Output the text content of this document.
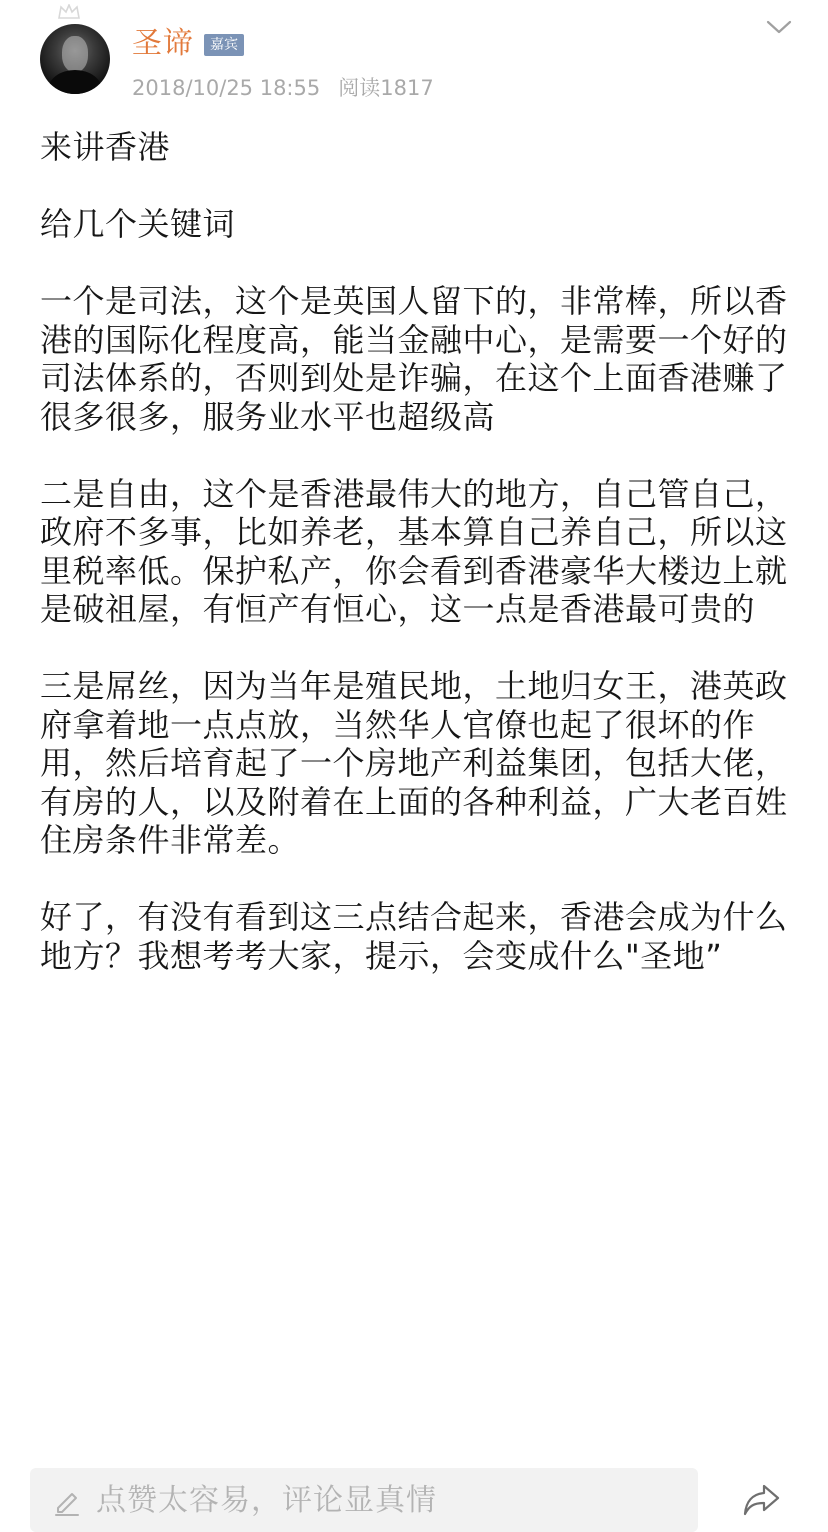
圣谛	嘉宾
2018/10/25 18:55 阅读1817

来讲香港

给几个关键词

一个是司法，这个是英国人留下的，非常棒，所以香港的国际化程度高，能当金融中心，是需要一个好的司法体系的，否则到处是诈骗，在这个上面香港赚了很多很多，服务业水平也超级高

二是自由，这个是香港最伟大的地方，自己管自己，政府不多事，比如养老，基本算自己养自己，所以这里税率低。保护私产，你会看到香港豪华大楼边上就是破祖屋，有恒产有恒心，这一点是香港最可贵的

三是屌丝，因为当年是殖民地，土地归女王，港英政府拿着地一点点放，当然华人官僚也起了很坏的作用，然后培育起了一个房地产利益集团，包括大佬，有房的人，以及附着在上面的各种利益，广大老百姓住房条件非常差。

好了，有没有看到这三点结合起来，香港会成为什么地方？我想考考大家，提示，会变成什么"圣地”

点赞太容易，评论显真情
